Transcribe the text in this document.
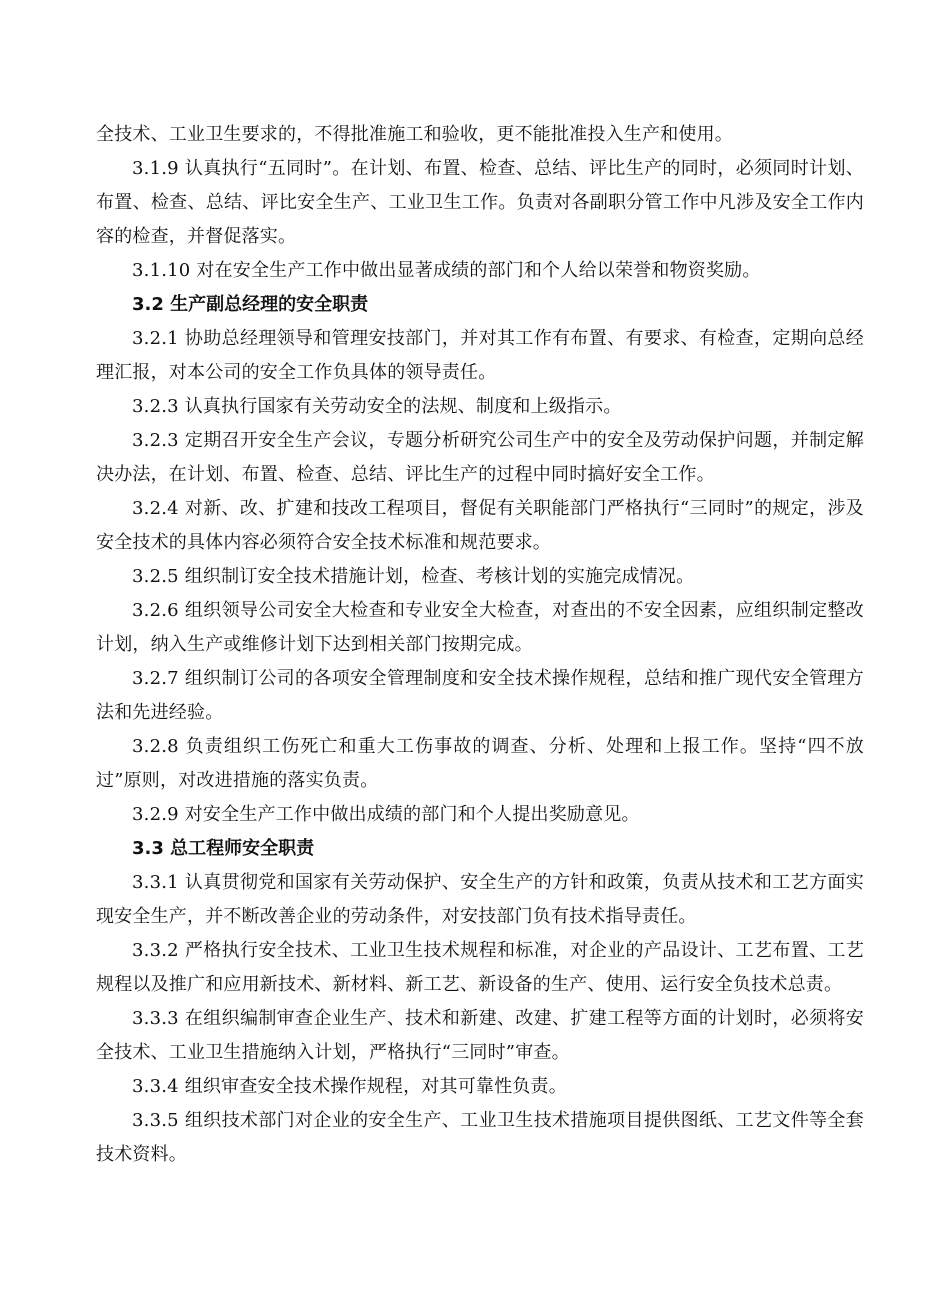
全技术、工业卫生要求的，不得批准施工和验收，更不能批准投入生产和使用。

3.1.9 认真执行“五同时”。在计划、布置、检查、总结、评比生产的同时，必须同时计划、布置、检查、总结、评比安全生产、工业卫生工作。负责对各副职分管工作中凡涉及安全工作内容的检查，并督促落实。

3.1.10 对在安全生产工作中做出显著成绩的部门和个人给以荣誉和物资奖励。

3.2 生产副总经理的安全职责

3.2.1 协助总经理领导和管理安技部门，并对其工作有布置、有要求、有检查，定期向总经理汇报，对本公司的安全工作负具体的领导责任。

3.2.3 认真执行国家有关劳动安全的法规、制度和上级指示。

3.2.3 定期召开安全生产会议，专题分析研究公司生产中的安全及劳动保护问题，并制定解决办法，在计划、布置、检查、总结、评比生产的过程中同时搞好安全工作。

3.2.4 对新、改、扩建和技改工程项目，督促有关职能部门严格执行“三同时”的规定，涉及安全技术的具体内容必须符合安全技术标准和规范要求。

3.2.5 组织制订安全技术措施计划，检查、考核计划的实施完成情况。

3.2.6 组织领导公司安全大检查和专业安全大检查，对查出的不安全因素，应组织制定整改计划，纳入生产或维修计划下达到相关部门按期完成。

3.2.7 组织制订公司的各项安全管理制度和安全技术操作规程，总结和推广现代安全管理方法和先进经验。

3.2.8 负责组织工伤死亡和重大工伤事故的调查、分析、处理和上报工作。坚持“四不放过”原则，对改进措施的落实负责。

3.2.9 对安全生产工作中做出成绩的部门和个人提出奖励意见。

3.3 总工程师安全职责

3.3.1 认真贯彻党和国家有关劳动保护、安全生产的方针和政策，负责从技术和工艺方面实现安全生产，并不断改善企业的劳动条件，对安技部门负有技术指导责任。

3.3.2 严格执行安全技术、工业卫生技术规程和标准，对企业的产品设计、工艺布置、工艺规程以及推广和应用新技术、新材料、新工艺、新设备的生产、使用、运行安全负技术总责。

3.3.3 在组织编制审查企业生产、技术和新建、改建、扩建工程等方面的计划时，必须将安全技术、工业卫生措施纳入计划，严格执行“三同时”审查。

3.3.4 组织审查安全技术操作规程，对其可靠性负责。

3.3.5 组织技术部门对企业的安全生产、工业卫生技术措施项目提供图纸、工艺文件等全套技术资料。
